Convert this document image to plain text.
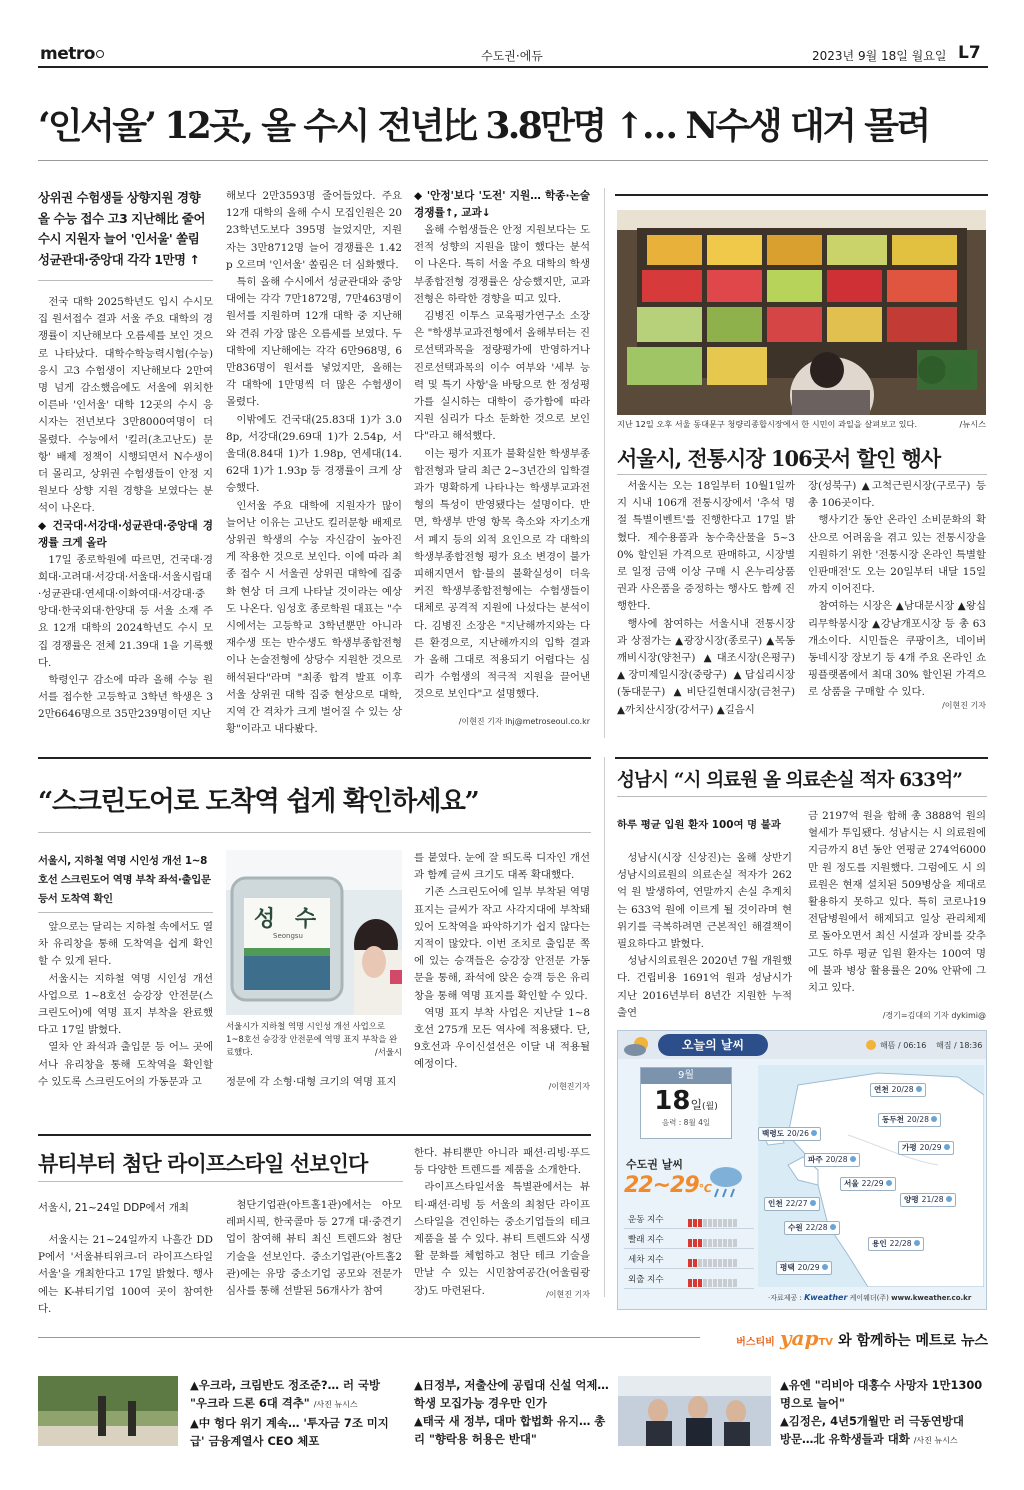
metro	수도권·에듀	2023년 9월 18일 월요일 L7
‘인서울’ 12곳, 올 수시 전년比 3.8만명 ↑… N수생 대거 몰려
상위권 수험생들 상향지원 경향 올 수능 접수 고3 지난해比 줄어 수시 지원자 늘어 '인서울' 쏠림 성균관대·중앙대 각각 1만명 ↑

전국 대학 2025학년도 입시 수시모집 원서접수 결과 서울 주요 대학의 경쟁률이 지난해보다 오름세를 보인 것으로 나타났다. 대학수학능력시험(수능) 응시 고3 수험생이 지난해보다 2만여명 넘게 감소했음에도 서울에 위치한 이른바 '인서울' 대학 12곳의 수시 응시자는 전년보다 3만8000여명이 더 몰렸다. 수능에서 '킬러(초고난도) 문항' 배제 정책이 시행되면서 N수생이 더 몰리고, 상위권 수험생들이 안정 지원보다 상향 지원 경향을 보였다는 분석이 나온다.

◆ 건국대·서강대·성균관대·중앙대 경쟁률 크게 올라

17일 종로학원에 따르면, 건국대·경희대·고려대·서강대·서울대·서울시립대·성균관대·연세대·이화여대·서강대·중앙대·한국외대·한양대 등 서울 소재 주요 12개 대학의 2024학년도 수시 모집 경쟁률은 전체 21.39대 1을 기록했다.

학령인구 감소에 따라 올해 수능 원서를 접수한 고등학교 3학년 학생은 32만6646명으로 35만239명이던 지난

해보다 2만3593명 줄어들었다. 주요 12개 대학의 올해 수시 모집인원은 2023학년도보다 395명 늘었지만, 지원자는 3만8712명 늘어 경쟁률은 1.42p 오르며 '인서울' 쏠림은 더 심화했다.

특히 올해 수시에서 성균관대와 중앙대에는 각각 7만1872명, 7만463명이 원서를 지원하며 12개 대학 중 지난해와 견줘 가장 많은 오름세를 보였다. 두 대학에 지난해에는 각각 6만968명, 6만836명이 원서를 넣었지만, 올해는 각 대학에 1만명씩 더 많은 수험생이 몰렸다.

이밖에도 건국대(25.83대 1)가 3.08p, 서강대(29.69대 1)가 2.54p, 서울대(8.84대 1)가 1.98p, 연세대(14.62대 1)가 1.93p 등 경쟁률이 크게 상승했다.

인서울 주요 대학에 지원자가 많이 늘어난 이유는 고난도 킬러문항 배제로 상위권 학생의 수능 자신감이 높아진 게 작용한 것으로 보인다. 이에 따라 최종 접수 시 서울권 상위권 대학에 집중화 현상 더 크게 나타날 것이라는 예상도 나온다. 임성호 종로학원 대표는 "수시에서는 고등학교 3학년뿐만 아니라 재수생 또는 반수생도 학생부종합전형이나 논술전형에 상당수 지원한 것으로 해석된다"라며 "최종 합격 발표 이후 서울 상위권 대학 집중 현상으로 대학, 지역 간 격차가 크게 벌어질 수 있는 상황"이라고 내다봤다.

◆ '안정'보다 '도전' 지원… 학종·논술 경쟁률↑, 교과↓

올해 수험생들은 안정 지원보다는 도전적 성향의 지원을 많이 했다는 분석이 나온다. 특히 서울 주요 대학의 학생부종합전형 경쟁률은 상승했지만, 교과전형은 하락한 경향을 띠고 있다.

김병진 이투스 교육평가연구소 소장은 "학생부교과전형에서 올해부터는 진로선택과목을 정량평가에 반영하거나 진로선택과목의 이수 여부와 '세부 능력 및 특기 사항'을 바탕으로 한 정성평가를 실시하는 대학이 증가함에 따라 지원 심리가 다소 둔화한 것으로 보인다"라고 해석했다.

이는 평가 지표가 불확실한 학생부종합전형과 달리 최근 2~3년간의 입학결과가 명확하게 나타나는 학생부교과전형의 특성이 반영됐다는 설명이다. 반면, 학생부 반영 항목 축소와 자기소개서 폐지 등의 외적 요인으로 각 대학의 학생부종합전형 평가 요소 변경이 불가피해지면서 합·불의 불확실성이 더욱 커진 학생부종합전형에는 수험생들이 대체로 공격적 지원에 나섰다는 분석이다. 김병진 소장은 "지난해까지와는 다른 환경으로, 지난해까지의 입학 결과가 올해 그대로 적용되기 어렵다는 심리가 수험생의 적극적 지원을 끌어낸 것으로 보인다"고 설명했다.

/이현진 기자 lhj@metroseoul.co.kr
지난 12일 오후 서울 동대문구 청량리종합시장에서 한 시민이 과일을 살펴보고 있다.	/뉴시스
서울시, 전통시장 106곳서 할인 행사

서울시는 오는 18일부터 10월1일까지 시내 106개 전통시장에서 '추석 명절 특별이벤트'를 진행한다고 17일 밝혔다. 제수용품과 농수축산물을 5~30% 할인된 가격으로 판매하고, 시장별로 일정 금액 이상 구매 시 온누리상품권과 사은품을 증정하는 행사도 함께 진행한다.

행사에 참여하는 서울시내 전통시장과 상점가는 ▲광장시장(종로구) ▲목동깨비시장(양천구) ▲대조시장(은평구) ▲장미제일시장(중랑구) ▲답십리시장(동대문구) ▲비단길현대시장(금천구) ▲까치산시장(강서구) ▲길음시

장(성북구) ▲고척근린시장(구로구) 등 총 106곳이다.

행사기간 동안 온라인 소비문화의 확산으로 어려움을 겪고 있는 전통시장을 지원하기 위한 '전통시장 온라인 특별할인판매전'도 오는 20일부터 내달 15일까지 이어진다.

참여하는 시장은 ▲남대문시장 ▲왕십리무학봉시장 ▲강남개포시장 등 총 63개소이다. 시민들은 쿠팡이츠, 네이버 동네시장 장보기 등 4개 주요 온라인 쇼핑플랫폼에서 최대 30% 할인된 가격으로 상품을 구매할 수 있다.

/이현진 기자
“스크린도어로 도착역 쉽게 확인하세요”
서울시, 지하철 역명 시인성 개선 1~8호선 스크린도어 역명 부착 좌석·출입문 등서 도착역 확인

앞으로는 달리는 지하철 속에서도 열차 유리창을 통해 도착역을 쉽게 확인할 수 있게 된다.

서울시는 지하철 역명 시인성 개선 사업으로 1~8호선 승강장 안전문(스크린도어)에 역명 표지 부착을 완료했다고 17일 밝혔다.

열차 안 좌석과 출입문 등 어느 곳에서나 유리창을 통해 도착역을 확인할 수 있도록 스크린도어의 가동문과 고

성 수
Seongsu
서울시가 지하철 역명 시인성 개선 사업으로 1~8호선 승강장 안전문에 역명 표지 부착을 완료했다.	/서울시

정문에 각 소형·대형 크기의 역명 표지

를 붙였다. 눈에 잘 띄도록 디자인 개선과 함께 글씨 크기도 대폭 확대했다.

기존 스크린도어에 일부 부착된 역명 표지는 글씨가 작고 사각지대에 부착돼있어 도착역을 파악하기가 쉽지 않다는 지적이 많았다. 이번 조치로 출입문 쪽에 있는 승객들은 승강장 안전문 가동문을 통해, 좌석에 앉은 승객 등은 유리창을 통해 역명 표지를 확인할 수 있다.

역명 표지 부착 사업은 지난달 1~8호선 275개 모든 역사에 적용됐다. 단, 9호선과 우이신설선은 이달 내 적용될 예정이다.

/이현진기자
성남시 “시 의료원 올 의료손실 적자 633억”
하루 평균 입원 환자 100여 명 불과

성남시(시장 신상진)는 올해 상반기 성남시의료원의 의료손실 적자가 262억 원 발생하여, 연말까지 손실 추계치는 633억 원에 이르게 될 것이라며 현 위기를 극복하려면 근본적인 해결책이 필요하다고 밝혔다.

성남시의료원은 2020년 7월 개원했다. 건립비용 1691억 원과 성남시가 지난 2016년부터 8년간 지원한 누적 출연

금 2197억 원을 합해 총 3888억 원의 혈세가 투입됐다. 성남시는 시 의료원에 지금까지 8년 동안 연평균 274억6000만 원 정도를 지원했다. 그럼에도 시 의료원은 현재 설치된 509병상을 제대로 활용하지 못하고 있다. 특히 코로나19 전담병원에서 해제되고 일상 관리체제로 돌아오면서 최신 시설과 장비를 갖추고도 하루 평균 입원 환자는 100여 명에 불과 병상 활용률은 20% 안팎에 그치고 있다.

/경기=김대의 기자 dykimi@
뷰티부터 첨단 라이프스타일 선보인다
서울시, 21~24일 DDP에서 개최

서울시는 21~24일까지 나흘간 DDP에서 '서울뷰티위크-더 라이프스타일 서울'을 개최한다고 17일 밝혔다. 행사에는 K-뷰티기업 100여 곳이 참여한다.

첨단기업관(아트홀1관)에서는 아모레퍼시픽, 한국콜마 등 27개 대·중견기업이 참여해 뷰티 최신 트렌드와 첨단 기술을 선보인다. 중소기업관(아트홀2관)에는 유망 중소기업 공모와 전문가 심사를 통해 선발된 56개사가 참여

한다. 뷰티뿐만 아니라 패션·리빙·푸드 등 다양한 트렌드를 제품을 소개한다.

라이프스타일서울 특별관에서는 뷰티·패션·리빙 등 서울의 최첨단 라이프스타일을 견인하는 중소기업들의 테크 제품을 볼 수 있다. 뷰티 트렌드와 식생활 문화를 체험하고 첨단 테크 기술을 만날 수 있는 시민참여공간(어울림광장)도 마련된다.	/이현진 기자
오늘의 날씨	해뜸 / 06:16 해짐 / 18:36
9월
18일(월)
음력 : 8월 4일
수도권 날씨
22~29℃
운동 지수
빨래 지수
세차 지수
외출 지수
연천 20/28
동두천 20/28
백령도 20/26
가평 20/29
파주 20/28
서울 22/29
인천 22/27	양평 21/28
수원 22/28
용인 22/28
평택 20/29
·자료제공 : Kweather 케이웨더(주) www.kweather.co.kr
버스티비 yapTV 와 함께하는 메트로 뉴스
▲우크라, 크림반도 정조준?… 러 국방
"우크라 드론 6대 격추" /사진 뉴시스
▲中 헝다 위기 계속… '투자금 7조 미지
급' 금융계열사 CEO 체포
▲日정부, 저출산에 공립대 신설 억제…
학생 모집가능 경우만 인가
▲태국 새 정부, 대마 합법화 유지… 총
리 "향락용 허용은 반대"
▲유엔 "리비아 대홍수 사망자 1만1300
명으로 늘어"
▲김정은, 4년5개월만 러 극동연방대
방문…北 유학생들과 대화 /사진 뉴시스
